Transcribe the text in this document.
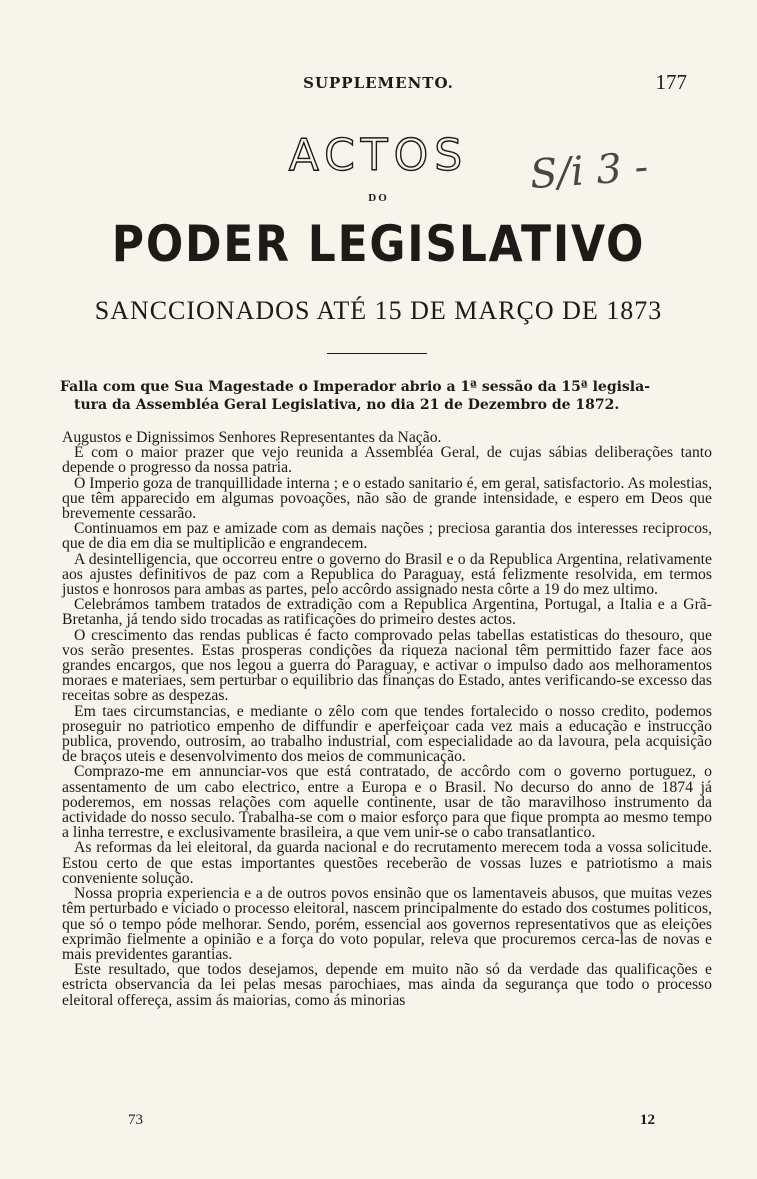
SUPPLEMENTO.	177
ACTOS	S/i 3 -
DO
PODER LEGISLATIVO
SANCCIONADOS ATÉ 15 DE MARÇO DE 1873
Falla com que Sua Magestade o Imperador abrio a 1ª sessão da 15ª legisla-
tura da Assembléa Geral Legislativa, no dia 21 de Dezembro de 1872.

Augustos e Dignissimos Senhores Representantes da Nação.

É com o maior prazer que vejo reunida a Assembléa Geral, de cujas sábias deliberações tanto depende o progresso da nossa patria.

O Imperio goza de tranquillidade interna ; e o estado sanitario é, em geral, satisfactorio. As molestias, que têm apparecido em algumas povoações, não são de grande intensidade, e espero em Deos que brevemente cessarão.

Continuamos em paz e amizade com as demais nações ; preciosa garantia dos interesses reciprocos, que de dia em dia se multiplicão e engrandecem.

A desintelligencia, que occorreu entre o governo do Brasil e o da Republica Argentina, relativamente aos ajustes definitivos de paz com a Republica do Paraguay, está felizmente resolvida, em termos justos e honrosos para ambas as partes, pelo accôrdo assignado nesta côrte a 19 do mez ultimo.

Celebrámos tambem tratados de extradição com a Republica Argentina, Portugal, a Italia e a Grã-Bretanha, já tendo sido trocadas as ratificações do primeiro destes actos.

O crescimento das rendas publicas é facto comprovado pelas tabellas estatisticas do thesouro, que vos serão presentes. Estas prosperas condições da riqueza nacional têm permittido fazer face aos grandes encargos, que nos legou a guerra do Paraguay, e activar o impulso dado aos melhoramentos moraes e materiaes, sem perturbar o equilibrio das finanças do Estado, antes verificando-se excesso das receitas sobre as despezas.

Em taes circumstancias, e mediante o zêlo com que tendes fortalecido o nosso credito, podemos proseguir no patriotico empenho de diffundir e aperfeiçoar cada vez mais a educação e instrucção publica, provendo, outrosim, ao trabalho industrial, com especialidade ao da lavoura, pela acquisição de braços uteis e desenvolvimento dos meios de communicação.

Comprazo-me em annunciar-vos que está contratado, de accôrdo com o governo portuguez, o assentamento de um cabo electrico, entre a Europa e o Brasil. No decurso do anno de 1874 já poderemos, em nossas relações com aquelle continente, usar de tão maravilhoso instrumento da actividade do nosso seculo. Trabalha-se com o maior esforço para que fique prompta ao mesmo tempo a linha terrestre, e exclusivamente brasileira, a que vem unir-se o cabo transatlantico.

As reformas da lei eleitoral, da guarda nacional e do recrutamento merecem toda a vossa solicitude. Estou certo de que estas importantes questões receberão de vossas luzes e patriotismo a mais conveniente solução.

Nossa propria experiencia e a de outros povos ensinão que os lamentaveis abusos, que muitas vezes têm perturbado e viciado o processo eleitoral, nascem principalmente do estado dos costumes politicos, que só o tempo póde melhorar. Sendo, porém, essencial aos governos representativos que as eleições exprimão fielmente a opinião e a força do voto popular, releva que procuremos cerca-las de novas e mais previdentes garantias.

Este resultado, que todos desejamos, depende em muito não só da verdade das qualificações e estricta observancia da lei pelas mesas parochiaes, mas ainda da segurança que todo o processo eleitoral offereça, assim ás maiorias, como ás minorias

73	12
